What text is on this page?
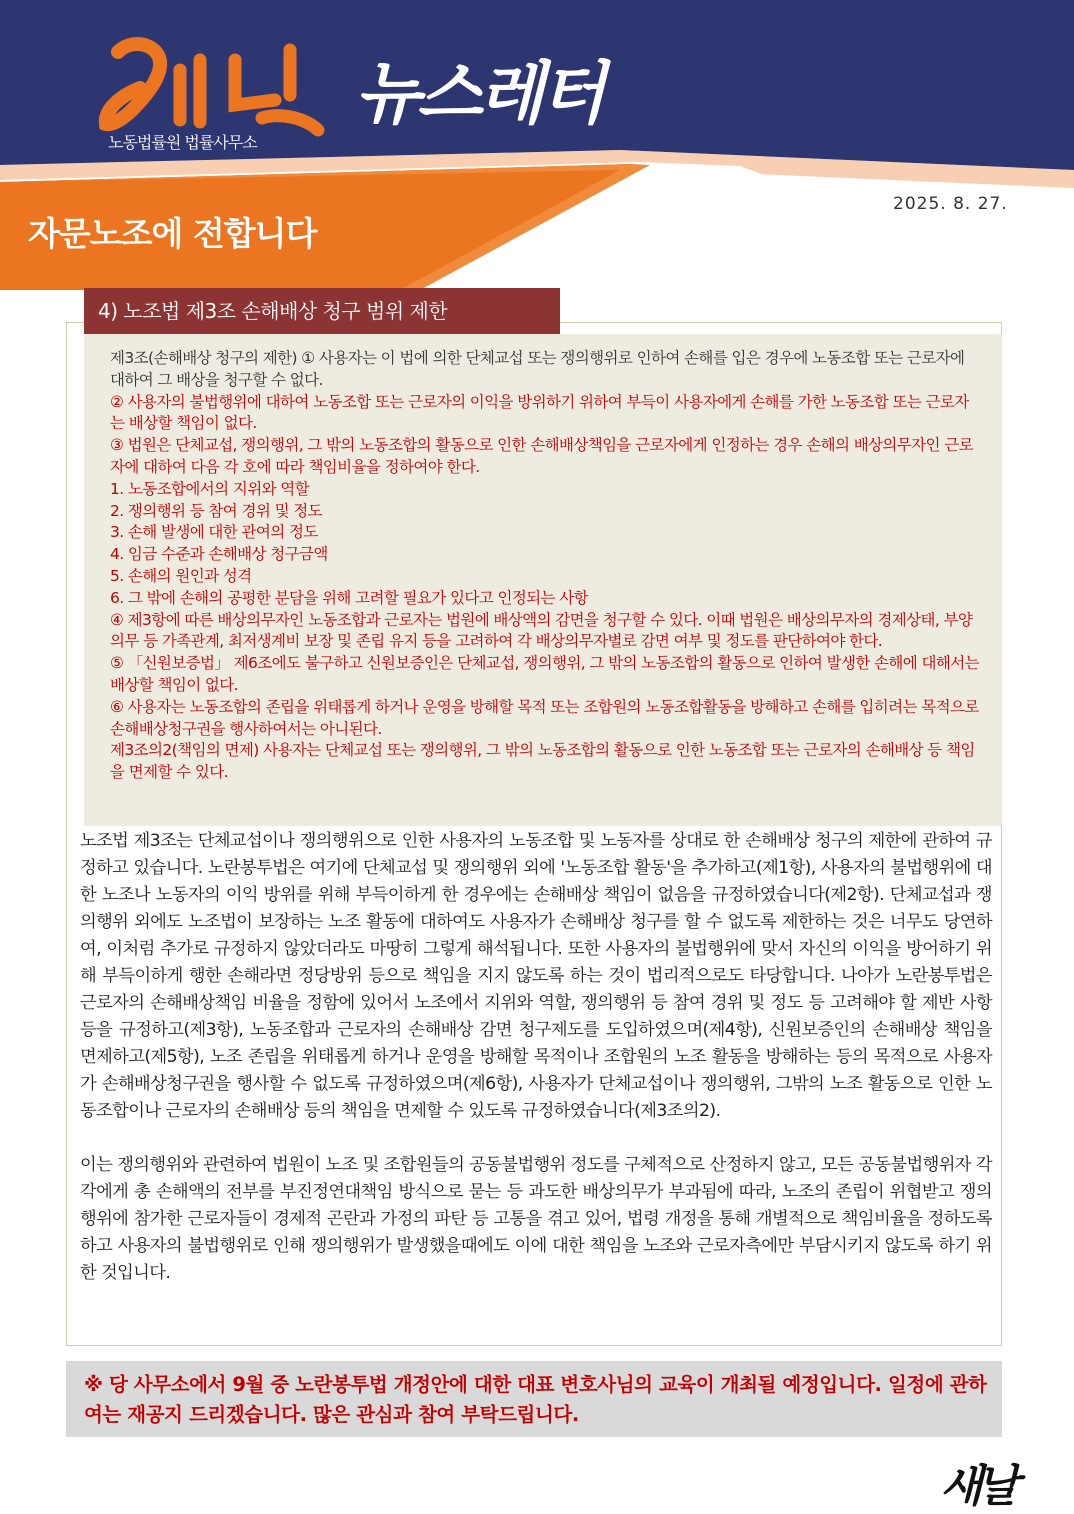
노동법률원 법률사무소
뉴스레터
2025. 8. 27.
자문노조에 전합니다
4) 노조법 제3조 손해배상 청구 범위 제한

제3조(손해배상 청구의 제한) ① 사용자는 이 법에 의한 단체교섭 또는 쟁의행위로 인하여 손해를 입은 경우에 노동조합 또는 근로자에 대하여 그 배상을 청구할 수 없다.

② 사용자의 불법행위에 대하여 노동조합 또는 근로자의 이익을 방위하기 위하여 부득이 사용자에게 손해를 가한 노동조합 또는 근로자는 배상할 책임이 없다.

③ 법원은 단체교섭, 쟁의행위, 그 밖의 노동조합의 활동으로 인한 손해배상책임을 근로자에게 인정하는 경우 손해의 배상의무자인 근로자에 대하여 다음 각 호에 따라 책임비율을 정하여야 한다.

1. 노동조합에서의 지위와 역할

2. 쟁의행위 등 참여 경위 및 정도

3. 손해 발생에 대한 관여의 정도

4. 임금 수준과 손해배상 청구금액

5. 손해의 원인과 성격

6. 그 밖에 손해의 공평한 분담을 위해 고려할 필요가 있다고 인정되는 사항

④ 제3항에 따른 배상의무자인 노동조합과 근로자는 법원에 배상액의 감면을 청구할 수 있다. 이때 법원은 배상의무자의 경제상태, 부양의무 등 가족관계, 최저생계비 보장 및 존립 유지 등을 고려하여 각 배상의무자별로 감면 여부 및 정도를 판단하여야 한다.

⑤ 「신원보증법」 제6조에도 불구하고 신원보증인은 단체교섭, 쟁의행위, 그 밖의 노동조합의 활동으로 인하여 발생한 손해에 대해서는 배상할 책임이 없다.

⑥ 사용자는 노동조합의 존립을 위태롭게 하거나 운영을 방해할 목적 또는 조합원의 노동조합활동을 방해하고 손해를 입히려는 목적으로 손해배상청구권을 행사하여서는 아니된다.

제3조의2(책임의 면제) 사용자는 단체교섭 또는 쟁의행위, 그 밖의 노동조합의 활동으로 인한 노동조합 또는 근로자의 손해배상 등 책임을 면제할 수 있다.

노조법 제3조는 단체교섭이나 쟁의행위으로 인한 사용자의 노동조합 및 노동자를 상대로 한 손해배상 청구의 제한에 관하여 규정하고 있습니다. 노란봉투법은 여기에 단체교섭 및 쟁의행위 외에 '노동조합 활동'을 추가하고(제1항), 사용자의 불법행위에 대한 노조나 노동자의 이익 방위를 위해 부득이하게 한 경우에는 손해배상 책임이 없음을 규정하였습니다(제2항). 단체교섭과 쟁의행위 외에도 노조법이 보장하는 노조 활동에 대하여도 사용자가 손해배상 청구를 할 수 없도록 제한하는 것은 너무도 당연하여, 이처럼 추가로 규정하지 않았더라도 마땅히 그렇게 해석됩니다. 또한 사용자의 불법행위에 맞서 자신의 이익을 방어하기 위해 부득이하게 행한 손해라면 정당방위 등으로 책임을 지지 않도록 하는 것이 법리적으로도 타당합니다. 나아가 노란봉투법은 근로자의 손해배상책임 비율을 정함에 있어서 노조에서 지위와 역할, 쟁의행위 등 참여 경위 및 정도 등 고려해야 할 제반 사항 등을 규정하고(제3항), 노동조합과 근로자의 손해배상 감면 청구제도를 도입하였으며(제4항), 신원보증인의 손해배상 책임을 면제하고(제5항), 노조 존립을 위태롭게 하거나 운영을 방해할 목적이나 조합원의 노조 활동을 방해하는 등의 목적으로 사용자가 손해배상청구권을 행사할 수 없도록 규정하였으며(제6항), 사용자가 단체교섭이나 쟁의행위, 그밖의 노조 활동으로 인한 노동조합이나 근로자의 손해배상 등의 책임을 면제할 수 있도록 규정하였습니다(제3조의2).

이는 쟁의행위와 관련하여 법원이 노조 및 조합원들의 공동불법행위 정도를 구체적으로 산정하지 않고, 모든 공동불법행위자 각각에게 총 손해액의 전부를 부진정연대책임 방식으로 묻는 등 과도한 배상의무가 부과됨에 따라, 노조의 존립이 위협받고 쟁의행위에 참가한 근로자들이 경제적 곤란과 가정의 파탄 등 고통을 겪고 있어, 법령 개정을 통해 개별적으로 책임비율을 정하도록 하고 사용자의 불법행위로 인해 쟁의행위가 발생했을때에도 이에 대한 책임을 노조와 근로자측에만 부담시키지 않도록 하기 위한 것입니다.

※ 당 사무소에서 9월 중 노란봉투법 개정안에 대한 대표 변호사님의 교육이 개최될 예정입니다. 일정에 관하여는 재공지 드리겠습니다. 많은 관심과 참여 부탁드립니다.
새날
